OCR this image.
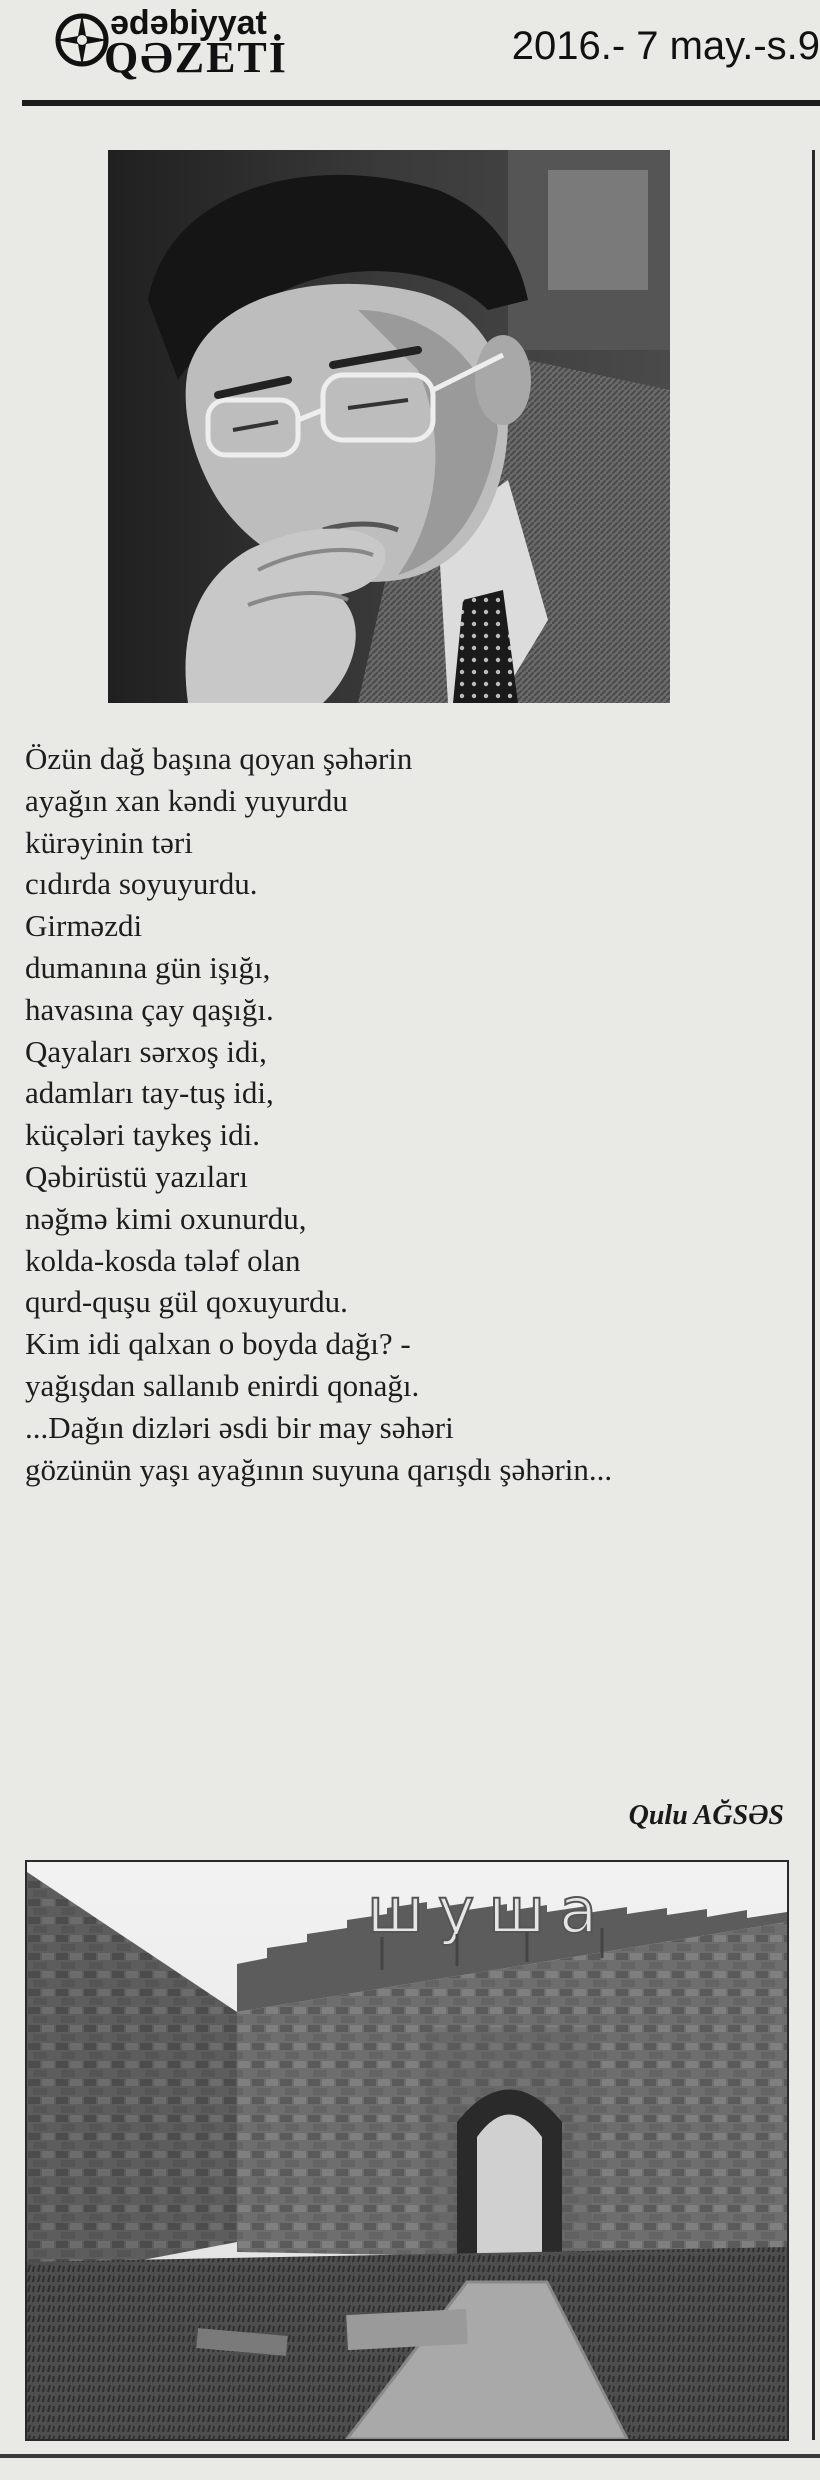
ədəbiyyat
QƏZETİ	2016.- 7 may.-s.9
Özün dağ başına qoyan şəhərin
ayağın xan kəndi yuyurdu
kürəyinin təri
cıdırda soyuyurdu.
Girməzdi
dumanına gün işığı,
havasına çay qaşığı.
Qayaları sərxoş idi,
adamları tay-tuş idi,
küçələri taykeş idi.
Qəbirüstü yazıları
nəğmə kimi oxunurdu,
kolda-kosda tələf olan
qurd-quşu gül qoxuyurdu.
Kim idi qalxan o boyda dağı? -
yağışdan sallanıb enirdi qonağı.
...Dağın dizləri əsdi bir may səhəri
gözünün yaşı ayağının suyuna qarışdı şəhərin...
Qulu AĞSƏS
шуша
